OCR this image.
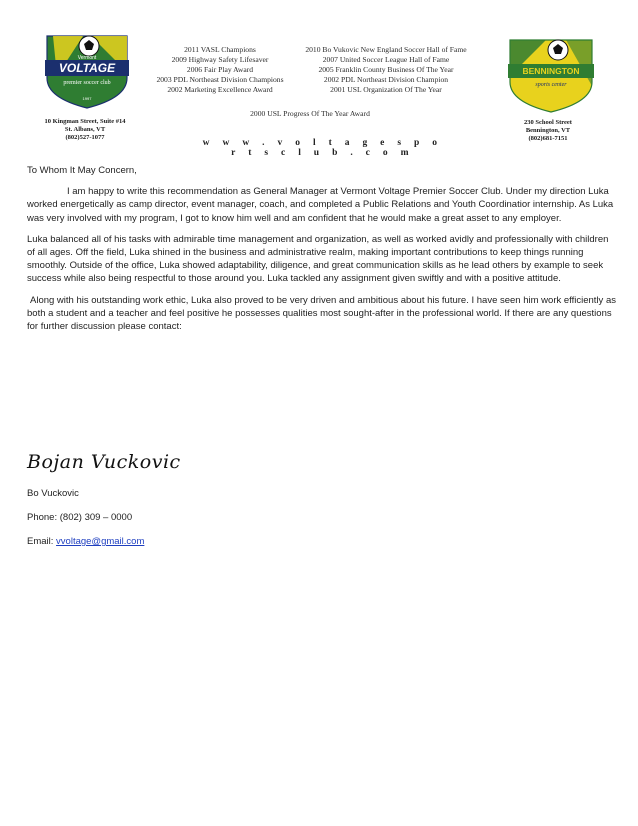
Vermont
VOLTAGE
premier soccer club
1997
10 Kingman Street, Suite #14
St. Albans, VT
(802)527-1077
2011 VASL Champions
2009 Highway Safety Lifesaver
2006 Fair Play Award
2003 PDL Northeast Division Champions
2002 Marketing Excellence Award
2010 Bo Vukovic New England Soccer Hall of Fame
2007 United Soccer League Hall of Fame
2005 Franklin County Business Of The Year
2002 PDL Northeast Division Champion
2001 USL Organization Of The Year
2000 USL Progress Of The Year Award
w w w . v o l t a g e s p o r t s c l u b . c o m
BENNINGTON
sports center
230 School Street
Bennington, VT
(802)681-7151

To Whom It May Concern,

I am happy to write this recommendation as General Manager at Vermont Voltage Premier Soccer Club. Under my direction Luka worked energetically as camp director, event manager, coach, and completed a Public Relations and Youth Coordinatior internship. As Luka was very involved with my program, I got to know him well and am confident that he would make a great asset to any employer.

Luka balanced all of his tasks with admirable time management and organization, as well as worked avidly and professionally with children of all ages. Off the field, Luka shined in the business and administrative realm, making important contributions to keep things running smoothly. Outside of the office, Luka showed adaptability, diligence, and great communication skills as he lead others by example to seek success while also being respectful to those around you. Luka tackled any assignment given swiftly and with a positive attitude.

Along with his outstanding work ethic, Luka also proved to be very driven and ambitious about his future. I have seen him work efficiently as both a student and a teacher and feel positive he possesses qualities most sought-after in the professional world. If there are any questions for further discussion please contact:

Bojan Vuckovic
Bo Vuckovic
Phone: (802) 309 – 0000
Email: vvoltage@gmail.com
